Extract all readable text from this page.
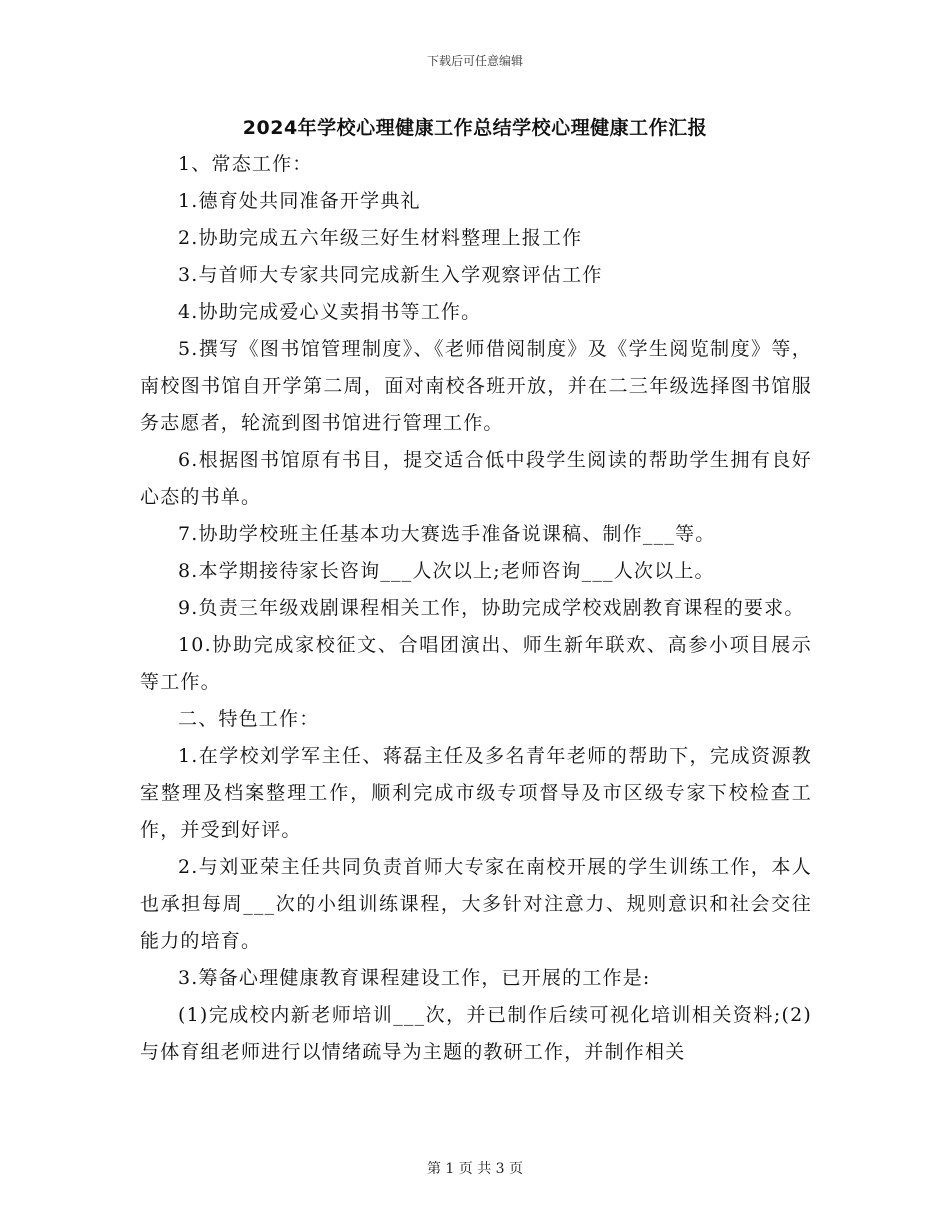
下载后可任意编辑
2024年学校心理健康工作总结学校心理健康工作汇报

1、常态工作：

1.德育处共同准备开学典礼

2.协助完成五六年级三好生材料整理上报工作

3.与首师大专家共同完成新生入学观察评估工作

4.协助完成爱心义卖捐书等工作。

5.撰写《图书馆管理制度》、《老师借阅制度》及《学生阅览制度》等，南校图书馆自开学第二周，面对南校各班开放，并在二三年级选择图书馆服务志愿者，轮流到图书馆进行管理工作。

6.根据图书馆原有书目，提交适合低中段学生阅读的帮助学生拥有良好心态的书单。

7.协助学校班主任基本功大赛选手准备说课稿、制作___等。

8.本学期接待家长咨询___人次以上;老师咨询___人次以上。

9.负责三年级戏剧课程相关工作，协助完成学校戏剧教育课程的要求。

10.协助完成家校征文、合唱团演出、师生新年联欢、高参小项目展示等工作。

二、特色工作：

1.在学校刘学军主任、蒋磊主任及多名青年老师的帮助下，完成资源教室整理及档案整理工作，顺利完成市级专项督导及市区级专家下校检查工作，并受到好评。

2.与刘亚荣主任共同负责首师大专家在南校开展的学生训练工作，本人也承担每周___次的小组训练课程，大多针对注意力、规则意识和社会交往能力的培育。

3.筹备心理健康教育课程建设工作，已开展的工作是:

(1)完成校内新老师培训___次，并已制作后续可视化培训相关资料;(2)与体育组老师进行以情绪疏导为主题的教研工作，并制作相关

第 1 页 共 3 页
